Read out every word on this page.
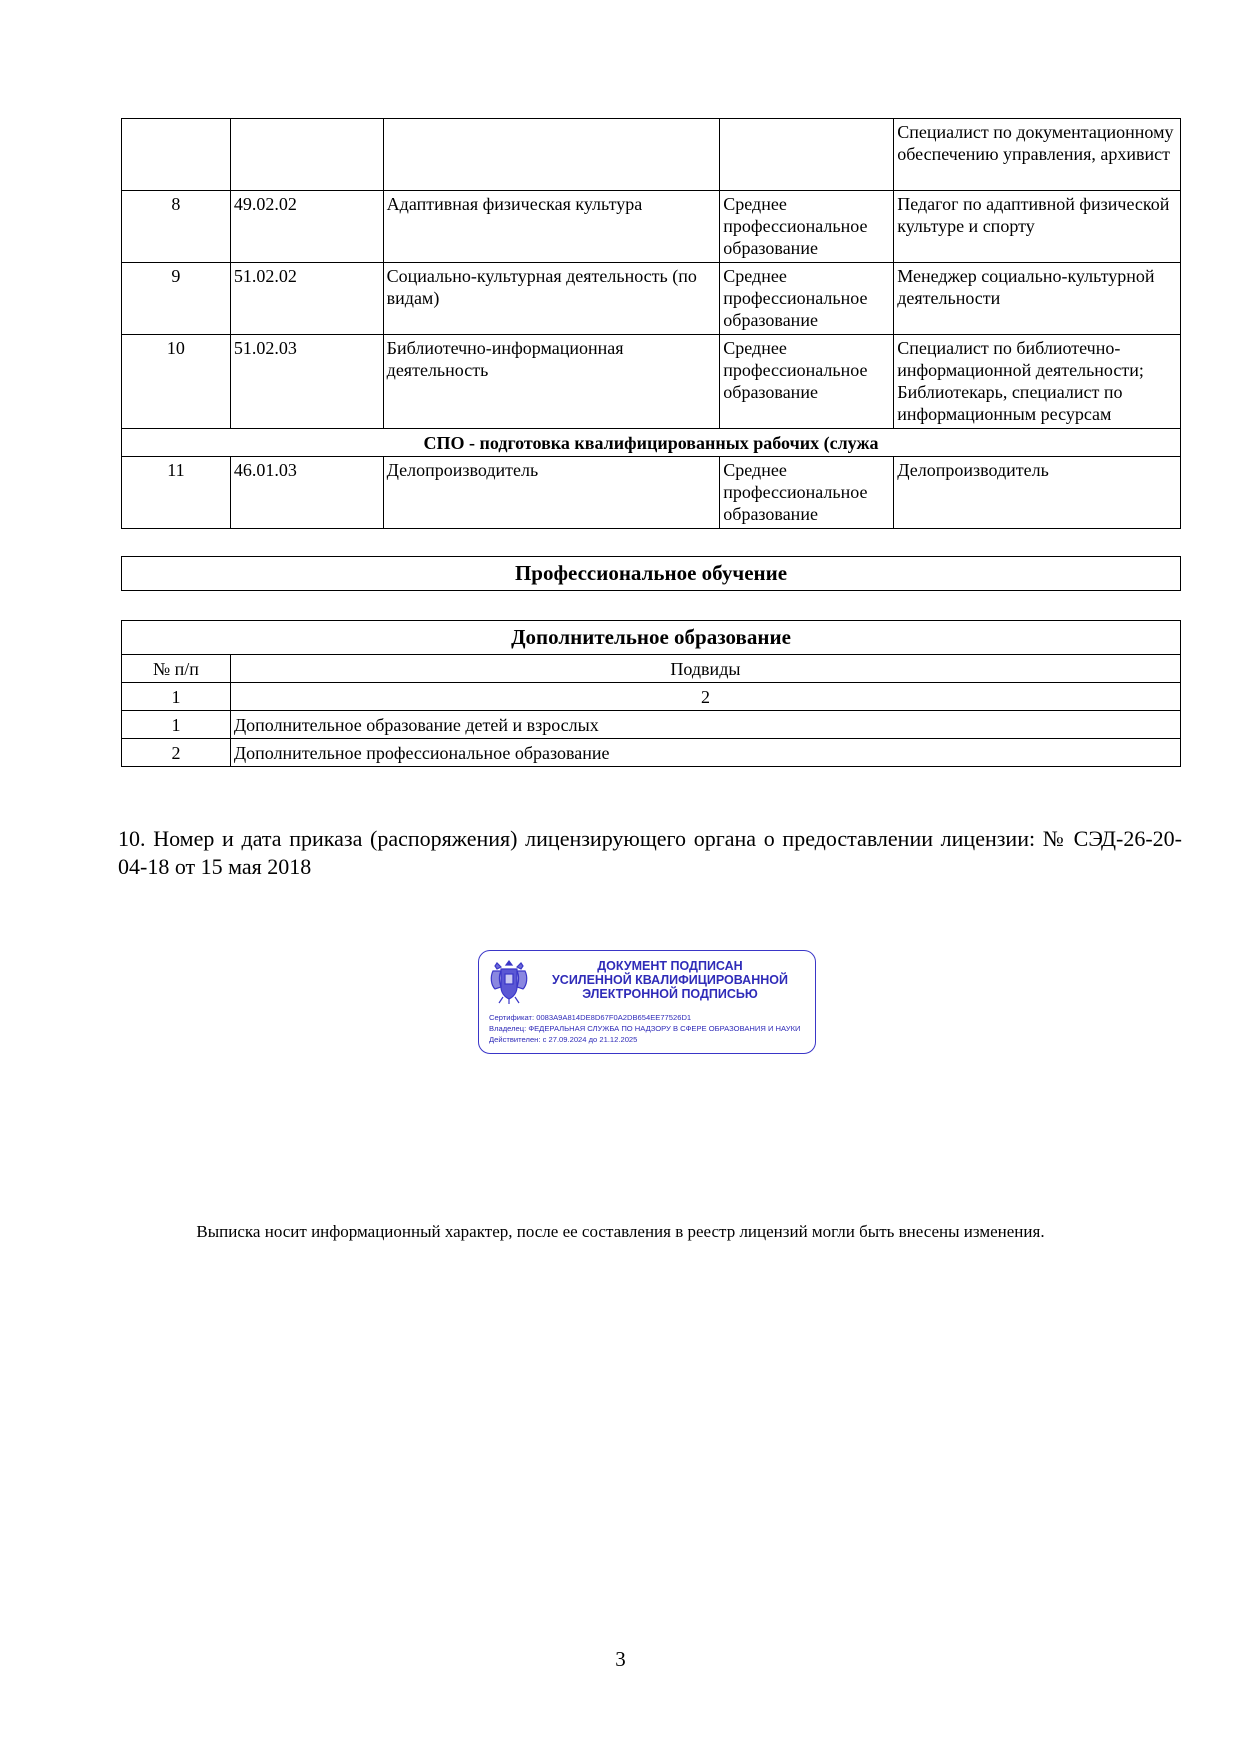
				Специалист по документационному обеспечению управления, архивист
8	49.02.02	Адаптивная физическая культура	Среднее профессиональное образование	Педагог по адаптивной физической культуре и спорту
9	51.02.02	Социально-культурная деятельность (по видам)	Среднее профессиональное образование	Менеджер социально-культурной деятельности
10	51.02.03	Библиотечно-информационная деятельность	Среднее профессиональное образование	Специалист по библиотечно-информационной деятельности; Библиотекарь, специалист по информационным ресурсам
СПО - подготовка квалифицированных рабочих (служа				
11	46.01.03	Делопроизводитель	Среднее профессиональное образование	Делопроизводитель
Профессиональное обучение
Дополнительное образование	
№ п/п	Подвиды
1	2
1	Дополнительное образование детей и взрослых
2	Дополнительное профессиональное образование
10. Номер и дата приказа (распоряжения) лицензирующего органа о предоставлении лицензии: № СЭД-26-20-04-18 от 15 мая 2018
ДОКУМЕНТ ПОДПИСАН
УСИЛЕННОЙ КВАЛИФИЦИРОВАННОЙ
ЭЛЕКТРОННОЙ ПОДПИСЬЮ
Сертификат: 0083A9A814DE8D67F0A2DB654EE77526D1
Владелец: ФЕДЕРАЛЬНАЯ СЛУЖБА ПО НАДЗОРУ В СФЕРЕ ОБРАЗОВАНИЯ И НАУКИ
Действителен: с 27.09.2024 до 21.12.2025
Выписка носит информационный характер, после ее составления в реестр лицензий могли быть внесены изменения.
3
